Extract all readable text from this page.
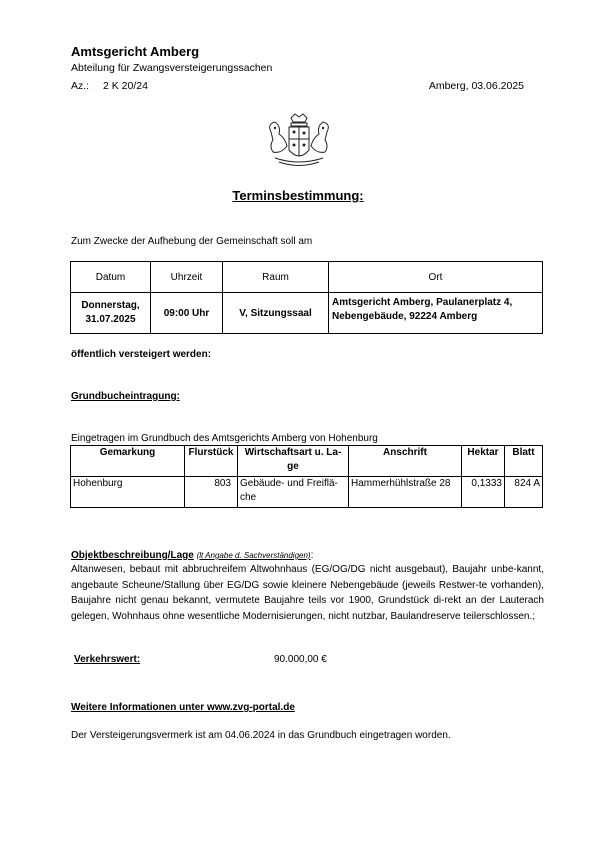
Amtsgericht Amberg
Abteilung für Zwangsversteigerungssachen
Az.: 2 K 20/24	Amberg, 03.06.2025
Terminsbestimmung:
Zum Zwecke der Aufhebung der Gemeinschaft soll am
Datum	Uhrzeit	Raum	Ort
Donnerstag,
31.07.2025	09:00 Uhr	V, Sitzungssaal	Amtsgericht Amberg, Paulanerplatz 4,
Nebengebäude, 92224 Amberg
öffentlich versteigert werden:
Grundbucheintragung:
Eingetragen im Grundbuch des Amtsgerichts Amberg von Hohenburg
Gemarkung	Flurstück	Wirtschaftsart u. La-ge	Anschrift	Hektar	Blatt
Hohenburg	803	Gebäude- und Freiflä-che	Hammerhühlstraße 28	0,1333	824 A
Objektbeschreibung/Lage (lt Angabe d. Sachverständigen):
Altanwesen, bebaut mit abbruchreifem Altwohnhaus (EG/OG/DG nicht ausgebaut), Baujahr unbe-kannt, angebaute Scheune/Stallung über EG/DG sowie kleinere Nebengebäude (jeweils Restwer-te vorhanden), Baujahre nicht genau bekannt, vermutete Baujahre teils vor 1900, Grundstück di-rekt an der Lauterach gelegen, Wohnhaus ohne wesentliche Modernisierungen, nicht nutzbar, Baulandreserve teilerschlossen.;
Verkehrswert:	90.000,00 €
Weitere Informationen unter www.zvg-portal.de
Der Versteigerungsvermerk ist am 04.06.2024 in das Grundbuch eingetragen worden.
